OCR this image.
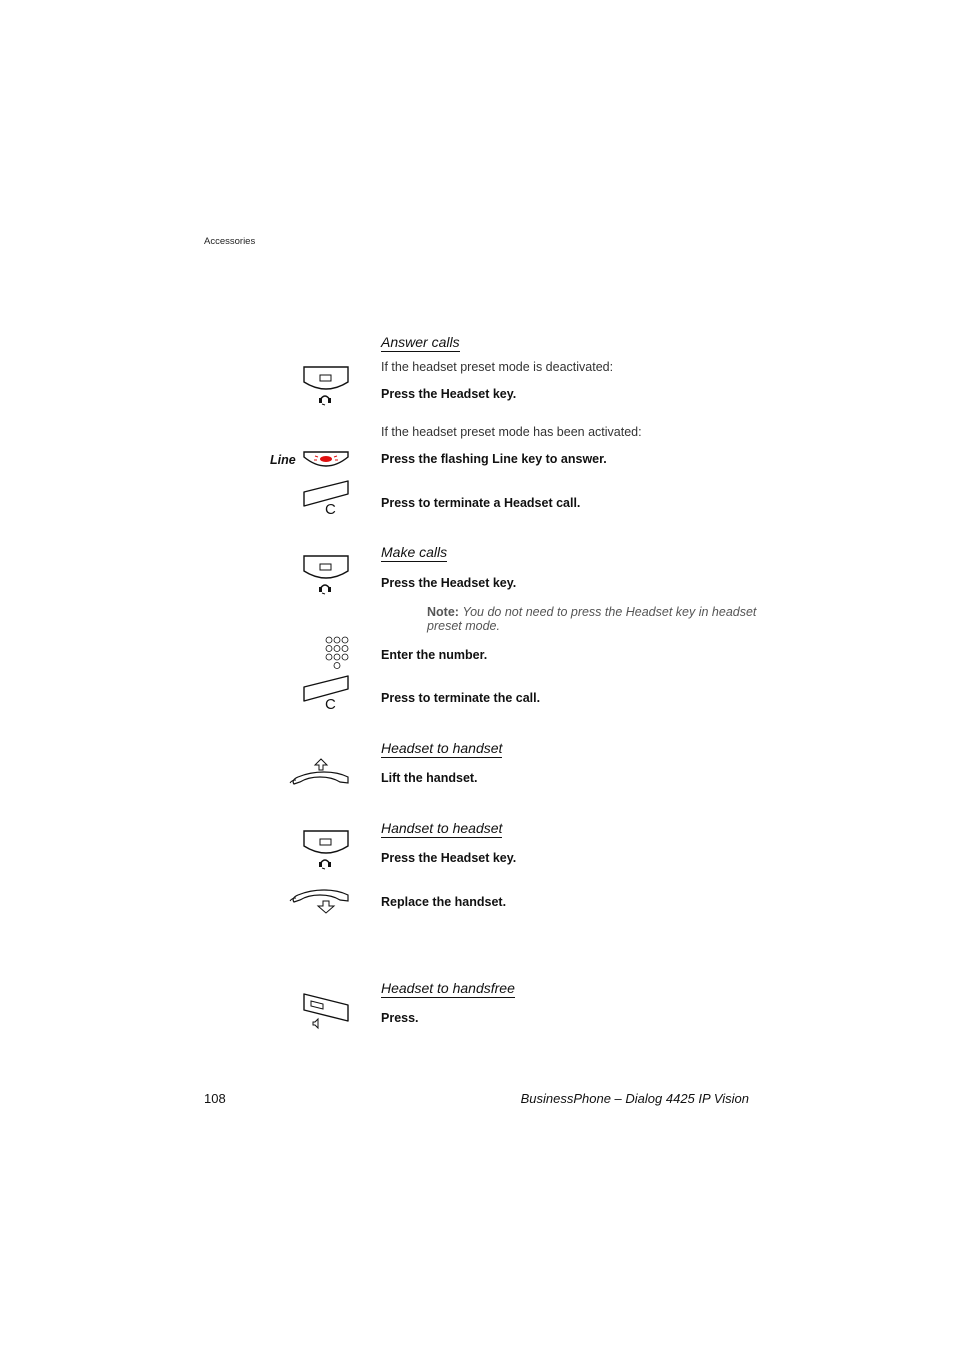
Accessories
Answer calls
If the headset preset mode is deactivated:
Press the Headset key.
If the headset preset mode has been activated:
Line	Press the flashing Line key to answer.
C	Press to terminate a Headset call.
Make calls
Press the Headset key.
Note: You do not need to press the Headset key in headset preset mode.
Enter the number.
C	Press to terminate the call.
Headset to handset
Lift the handset.
Handset to headset
Press the Headset key.
Replace the handset.
Headset to handsfree
Press.
108	BusinessPhone – Dialog 4425 IP Vision
